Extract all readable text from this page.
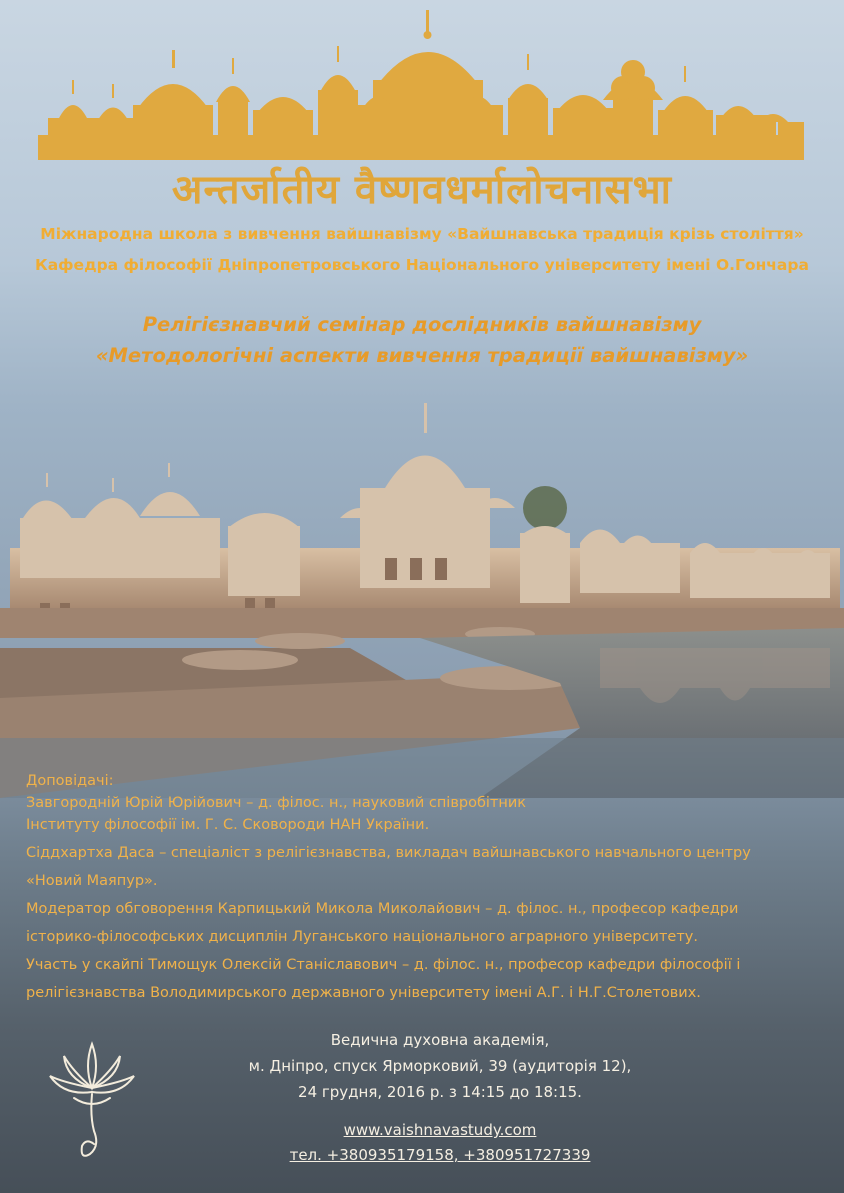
अन्तर्जातीय वैष्णवधर्मालोचनासभा
Міжнародна школа з вивчення вайшнавізму «Вайшнавська традиція крізь століття»
Кафедра філософії Дніпропетровського Національного університету імені О.Гончара
Релігієзнавчий семінар дослідників вайшнавізму
«Методологічні аспекти вивчення традиції вайшнавізму»

Доповідачі:

Завгородній Юрій Юрійович – д. філос. н., науковий співробітник

Інституту філософії ім. Г. С. Сковороди НАН України.

Сіддхартха Даса – спеціаліст з релігієзнавства, викладач вайшнавського навчального центру

«Новий Маяпур».

Модератор обговорення Карпицький Микола Миколайович – д. філос. н., професор кафедри

історико-філософських дисциплін Луганського національного аграрного університету.

Участь у скайпі Тимощук Олексій Станіславович – д. філос. н., професор кафедри філософії і

релігієзнавства Володимирського державного університету імені А.Г. і Н.Г.Столетових.

Ведична духовна академія,
м. Дніпро, спуск Ярморковий, 39 (аудиторія 12),
24 грудня, 2016 р. з 14:15 до 18:15.
www.vaishnavastudy.com
тел. +380935179158, +380951727339
